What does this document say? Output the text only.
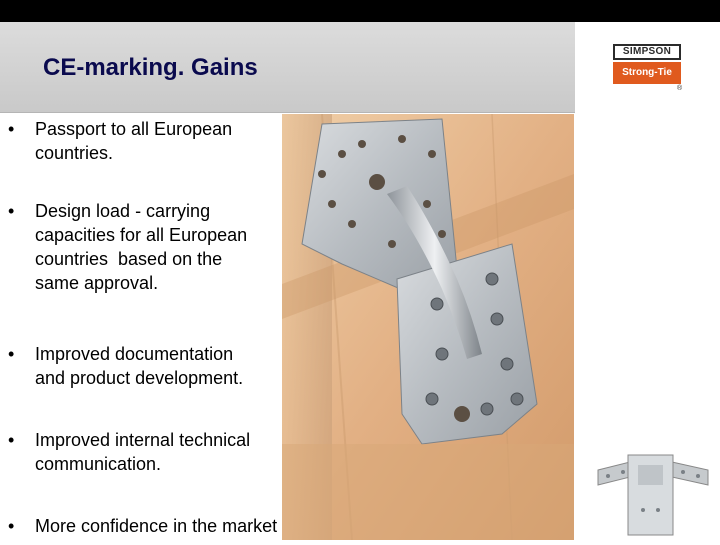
CE-marking. Gains
SIMPSON
Strong-Tie
®
•	Passport to all European
countries.
•	Design load - carrying
capacities for all European
countries  based on the
same approval.
•	Improved documentation
and product development.
•	Improved internal technical
communication.
•	More confidence in the market
